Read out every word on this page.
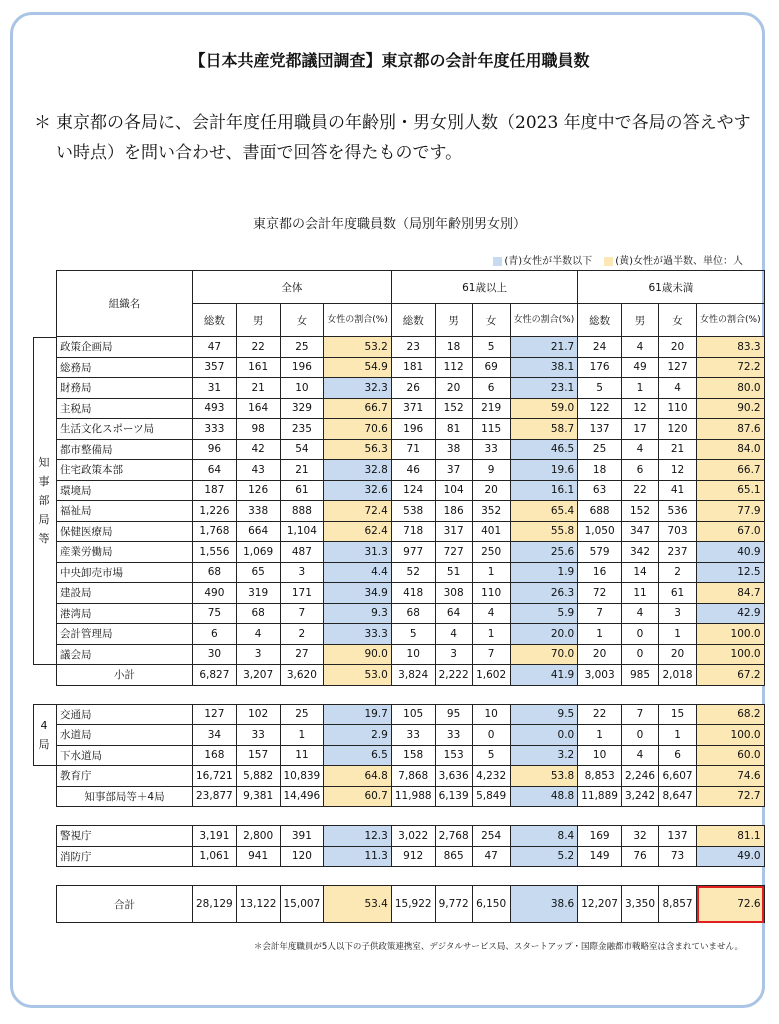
【日本共産党都議団調査】東京都の会計年度任用職員数
＊ 東京都の各局に、会計年度任用職員の年齢別・男女別人数（2023 年度中で各局の答えやすい時点）を問い合わせ、書面で回答を得たものです。
東京都の会計年度職員数（局別年齢別男女別）
(青)女性が半数以下	(黄)女性が過半数、単位：人
組織名	全体				61歳以上				61歳未満			
	総数	男	女	女性の割合(%)	総数	男	女	女性の割合(%)	総数	男	女	女性の割合(%)
政策企画局	47	22	25	53.2	23	18	5	21.7	24	4	20	83.3
総務局	357	161	196	54.9	181	112	69	38.1	176	49	127	72.2
財務局	31	21	10	32.3	26	20	6	23.1	5	1	4	80.0
主税局	493	164	329	66.7	371	152	219	59.0	122	12	110	90.2
生活文化スポーツ局	333	98	235	70.6	196	81	115	58.7	137	17	120	87.6
都市整備局	96	42	54	56.3	71	38	33	46.5	25	4	21	84.0
住宅政策本部	64	43	21	32.8	46	37	9	19.6	18	6	12	66.7
環境局	187	126	61	32.6	124	104	20	16.1	63	22	41	65.1
福祉局	1,226	338	888	72.4	538	186	352	65.4	688	152	536	77.9
保健医療局	1,768	664	1,104	62.4	718	317	401	55.8	1,050	347	703	67.0
産業労働局	1,556	1,069	487	31.3	977	727	250	25.6	579	342	237	40.9
中央卸売市場	68	65	3	4.4	52	51	1	1.9	16	14	2	12.5
建設局	490	319	171	34.9	418	308	110	26.3	72	11	61	84.7
港湾局	75	68	7	9.3	68	64	4	5.9	7	4	3	42.9
会計管理局	6	4	2	33.3	5	4	1	20.0	1	0	1	100.0
議会局	30	3	27	90.0	10	3	7	70.0	20	0	20	100.0
小計	6,827	3,207	3,620	53.0	3,824	2,222	1,602	41.9	3,003	985	2,018	67.2

交通局	127	102	25	19.7	105	95	10	9.5	22	7	15	68.2
水道局	34	33	1	2.9	33	33	0	0.0	1	0	1	100.0
下水道局	168	157	11	6.5	158	153	5	3.2	10	4	6	60.0
教育庁	16,721	5,882	10,839	64.8	7,868	3,636	4,232	53.8	8,853	2,246	6,607	74.6
知事部局等＋4局	23,877	9,381	14,496	60.7	11,988	6,139	5,849	48.8	11,889	3,242	8,647	72.7

警視庁	3,191	2,800	391	12.3	3,022	2,768	254	8.4	169	32	137	81.1
消防庁	1,061	941	120	11.3	912	865	47	5.2	149	76	73	49.0

合計	28,129	13,122	15,007	53.4	15,922	9,772	6,150	38.6	12,207	3,350	8,857	72.6
知
事
部
局
等
4
局
＊会計年度職員が5人以下の子供政策連携室、デジタルサービス局、スタートアップ・国際金融都市戦略室は含まれていません。
